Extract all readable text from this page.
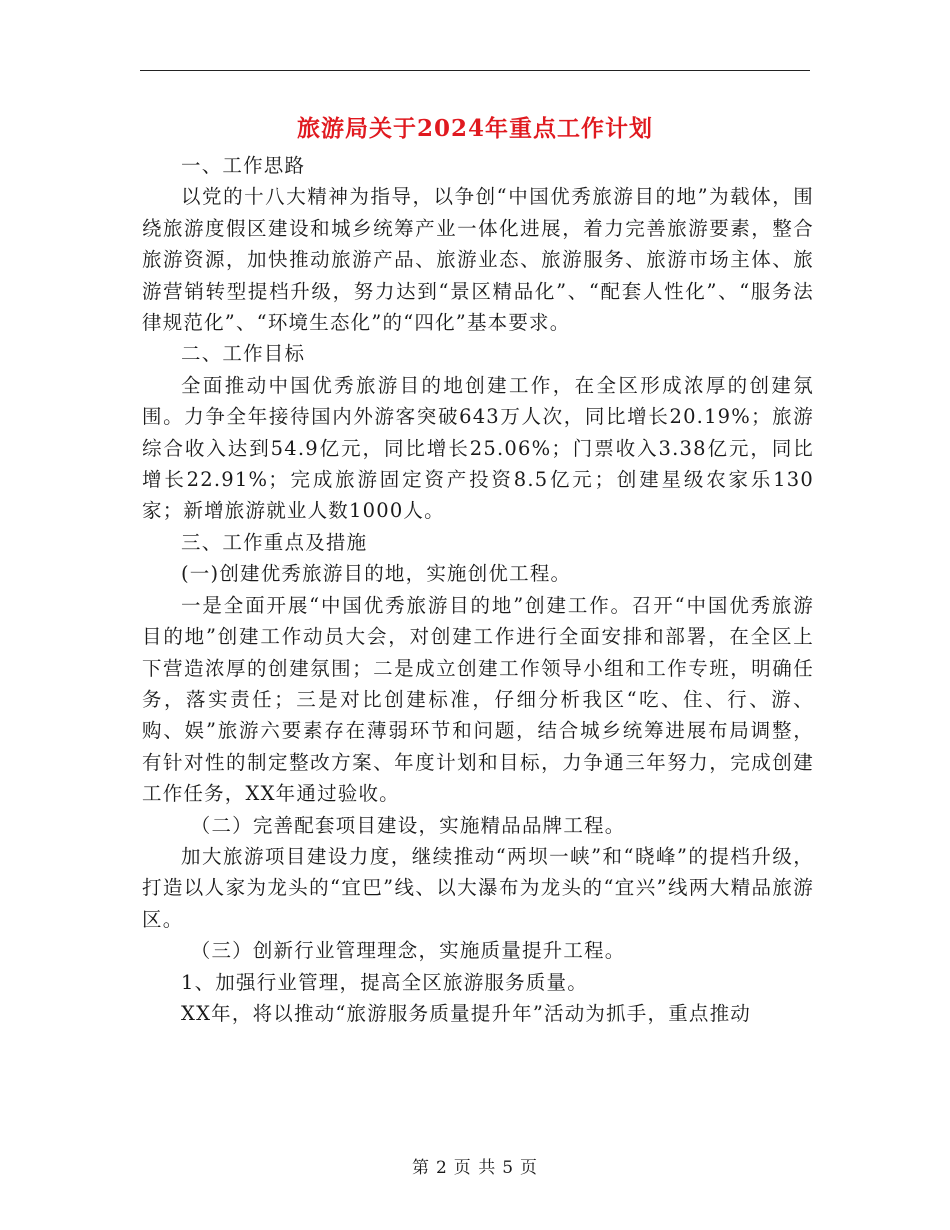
旅游局关于2024年重点工作计划

一、工作思路

以党的十八大精神为指导，以争创“中国优秀旅游目的地”为载体，围绕旅游度假区建设和城乡统筹产业一体化进展，着力完善旅游要素，整合旅游资源，加快推动旅游产品、旅游业态、旅游服务、旅游市场主体、旅游营销转型提档升级，努力达到“景区精品化”、“配套人性化”、“服务法律规范化”、“环境生态化”的“四化”基本要求。

二、工作目标

全面推动中国优秀旅游目的地创建工作，在全区形成浓厚的创建氛围。力争全年接待国内外游客突破643万人次，同比增长20.19%；旅游综合收入达到54.9亿元，同比增长25.06%；门票收入3.38亿元，同比增长22.91%；完成旅游固定资产投资8.5亿元；创建星级农家乐130家；新增旅游就业人数1000人。

三、工作重点及措施

(一)创建优秀旅游目的地，实施创优工程。

一是全面开展“中国优秀旅游目的地”创建工作。召开“中国优秀旅游目的地”创建工作动员大会，对创建工作进行全面安排和部署，在全区上下营造浓厚的创建氛围；二是成立创建工作领导小组和工作专班，明确任务，落实责任；三是对比创建标准，仔细分析我区“吃、住、行、游、购、娱”旅游六要素存在薄弱环节和问题，结合城乡统筹进展布局调整，有针对性的制定整改方案、年度计划和目标，力争通三年努力，完成创建工作任务，XX年通过验收。

（二）完善配套项目建设，实施精品品牌工程。

加大旅游项目建设力度，继续推动“两坝一峡”和“晓峰”的提档升级，打造以人家为龙头的“宜巴”线、以大瀑布为龙头的“宜兴”线两大精品旅游区。

（三）创新行业管理理念，实施质量提升工程。

1、加强行业管理，提高全区旅游服务质量。

XX年，将以推动“旅游服务质量提升年”活动为抓手，重点推动

第 2 页 共 5 页
